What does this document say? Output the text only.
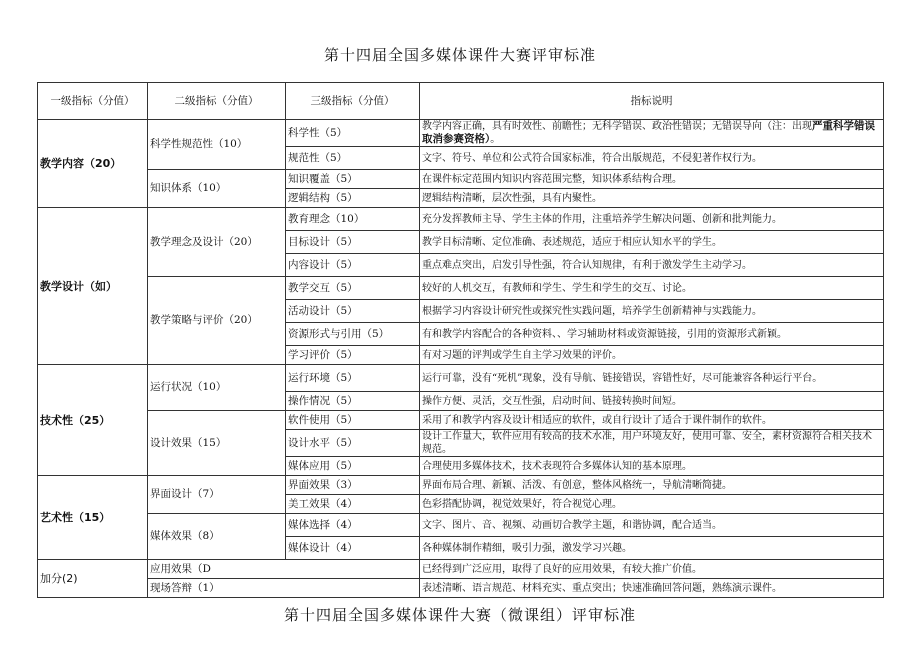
第十四届全国多媒体课件大赛评审标准
一级指标（分值）	二级指标（分值）	三级指标（分值）	指标说明
教学内容（20）	科学性规范性（10）	科学性（5）	教学内容正确，具有时效性、前瞻性；无科学错误、政治性错误；无错误导向（注：出现严重科学错误取消参赛资格）。
		规范性（5）	文字、符号、单位和公式符合国家标准，符合出版规范，不侵犯著作权行为。
	知识体系（10）	知识覆盖（5）	在课件标定范围内知识内容范围完整，知识体系结构合理。
		逻辑结构（5）	逻辑结构清晰，层次性强，具有内聚性。
教学设计（如）	教学理念及设计（20）	教育理念（10）	充分发挥教师主导、学生主体的作用，注重培养学生解决问题、创新和批判能力。
		目标设计（5）	教学目标清晰、定位准确、表述规范，适应于相应认知水平的学生。
		内容设计（5）	重点难点突出，启发引导性强，符合认知规律，有利于激发学生主动学习。
	教学策略与评价（20）	教学交互（5）	较好的人机交互，有教师和学生、学生和学生的交互、讨论。
		活动设计（5）	根据学习内容设计研究性或探究性实践问题，培养学生创新精神与实践能力。
		资源形式与引用（5）	有和教学内容配合的各种资料、、学习辅助材料或资源链接，引用的资源形式新颖。
		学习评价（5）	有对习题的评判或学生自主学习效果的评价。
技术性（25）	运行状况（10）	运行环境（5）	运行可靠，没有“死机”现象，没有导航、链接错误，容错性好，尽可能兼容各种运行平台。
		操作情况（5）	操作方便、灵活，交互性强，启动时间、链接转换时间短。
	设计效果（15）	软件使用（5）	采用了和教学内容及设计相适应的软件，或自行设计了适合于课件制作的软件。
		设计水平（5）	设计工作量大，软件应用有较高的技术水准，用户环境友好，使用可靠、安全，素材资源符合相关技术规范。
		媒体应用（5）	合理使用多媒体技术，技术表现符合多媒体认知的基本原理。
艺术性（15）	界面设计（7）	界面效果（3）	界面布局合理、新颖、活泼、有创意，整体风格统一，导航清晰简捷。
		美工效果（4）	色彩搭配协调，视觉效果好，符合视觉心理。
	媒体效果（8）	媒体选择（4）	文字、图片、音、视频、动画切合教学主题，和谐协调，配合适当。
		媒体设计（4）	各种媒体制作精细，吸引力强，激发学习兴趣。
加分(2)	应用效果（D		已经得到广泛应用，取得了良好的应用效果，有较大推广价值。
	现场答辩（1）		表述清晰、语言规范、材料充实、重点突出；快速准确回答问题，熟练演示课件。
第十四届全国多媒体课件大赛（微课组）评审标准
